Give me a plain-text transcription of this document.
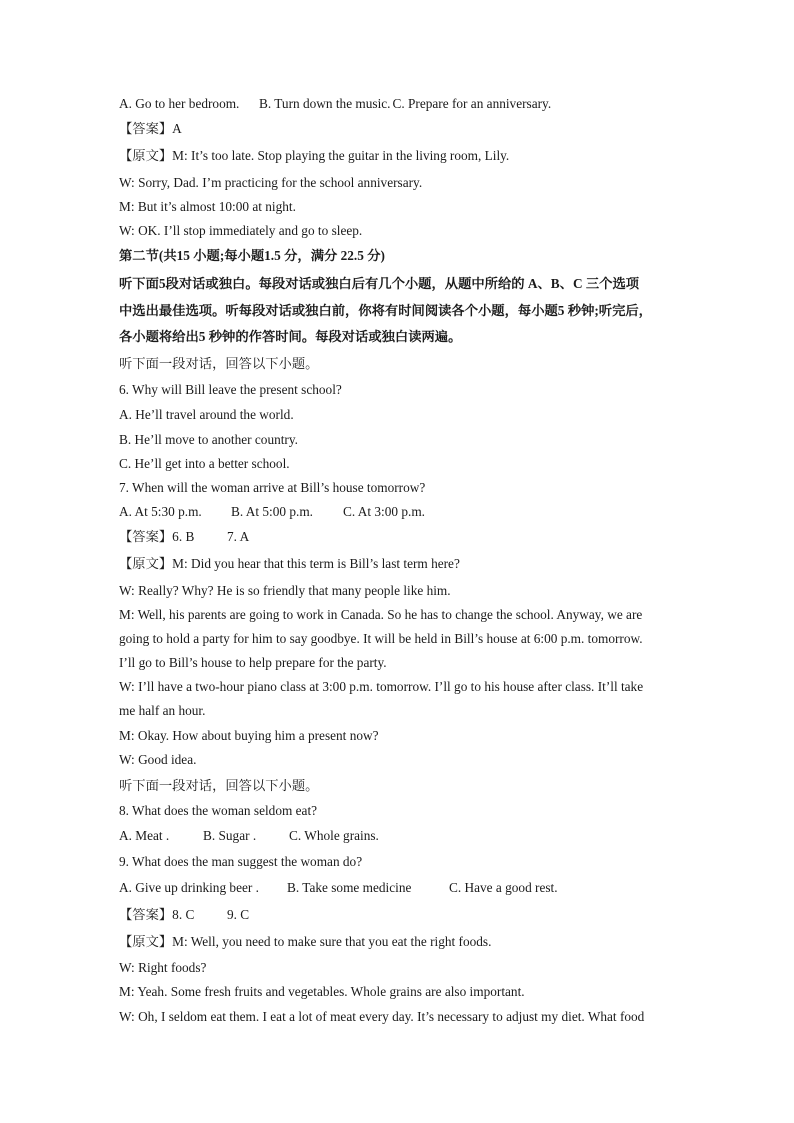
A. Go to her bedroom. B. Turn down the music. C. Prepare for an anniversary.
【答案】A
【原文】M: It’s too late. Stop playing the guitar in the living room, Lily.
W: Sorry, Dad. I’m practicing for the school anniversary.
M: But it’s almost 10:00 at night.
W: OK. I’ll stop immediately and go to sleep.
第二节(共15 小题;每小题1.5 分，满分 22.5 分)
听下面5段对话或独白。每段对话或独白后有几个小题，从题中所给的 A、B、C 三个选项
中选出最佳选项。听每段对话或独白前，你将有时间阅读各个小题，每小题5 秒钟;听完后，
各小题将给出5 秒钟的作答时间。每段对话或独白读两遍。
听下面一段对话，回答以下小题。
6. Why will Bill leave the present school?
A. He’ll travel around the world.
B. He’ll move to another country.
C. He’ll get into a better school.
7. When will the woman arrive at Bill’s house tomorrow?
A. At 5:30 p.m. B. At 5:00 p.m. C. At 3:00 p.m.
【答案】6. B 7. A
【原文】M: Did you hear that this term is Bill’s last term here?
W: Really? Why? He is so friendly that many people like him.
M: Well, his parents are going to work in Canada. So he has to change the school. Anyway, we are
going to hold a party for him to say goodbye. It will be held in Bill’s house at 6:00 p.m. tomorrow.
I’ll go to Bill’s house to help prepare for the party.
W: I’ll have a two-hour piano class at 3:00 p.m. tomorrow. I’ll go to his house after class. It’ll take
me half an hour.
M: Okay. How about buying him a present now?
W: Good idea.
听下面一段对话，回答以下小题。
8. What does the woman seldom eat?
A. Meat .	B. Sugar . C. Whole grains.
9. What does the man suggest the woman do?
A. Give up drinking beer . B. Take some medicine	C. Have a good rest.
【答案】8. C 9. C
【原文】M: Well, you need to make sure that you eat the right foods.
W: Right foods?
M: Yeah. Some fresh fruits and vegetables. Whole grains are also important.
W: Oh, I seldom eat them. I eat a lot of meat every day. It’s necessary to adjust my diet. What food
